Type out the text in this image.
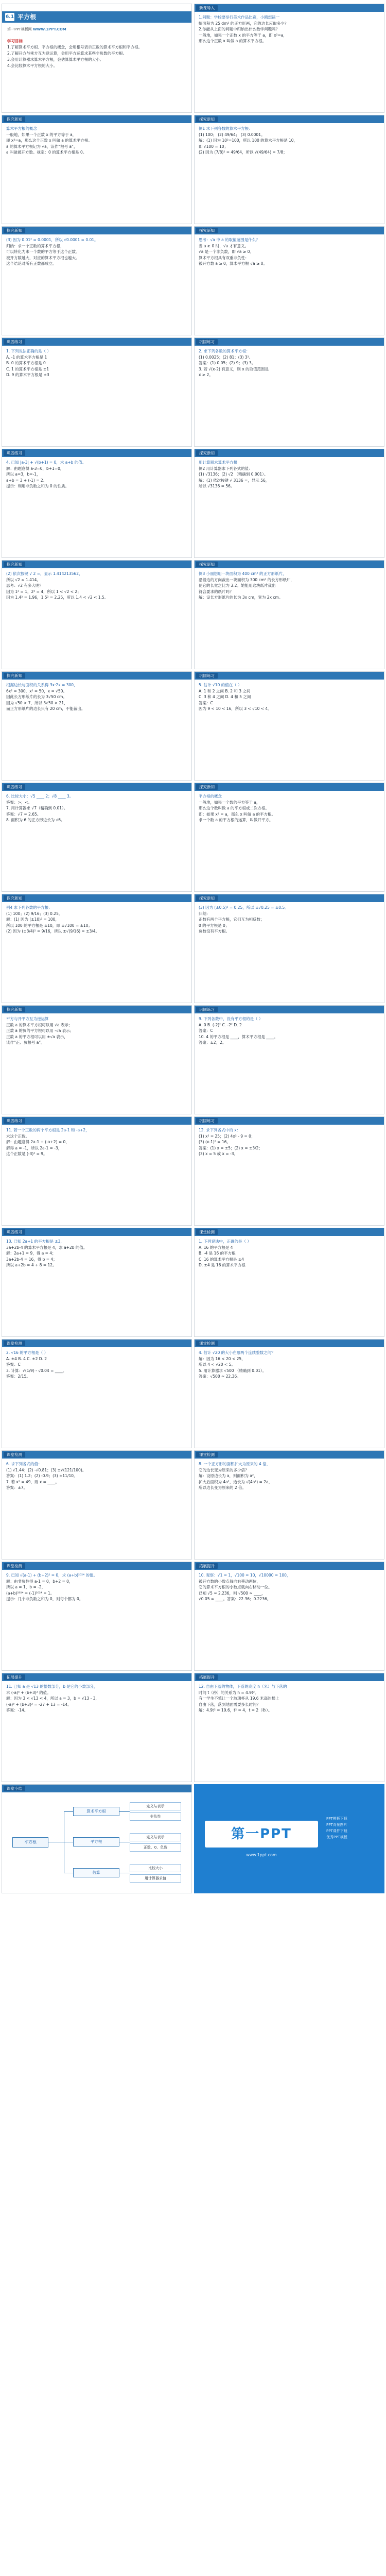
6.1 平方根
第一PPT模板网 WWW.1PPT.COM

学习目标

1.了解算术平方根、平方根的概念，会用根号表示正数的算术平方根和平方根。

2.了解开方与乘方互为逆运算，会用平方运算求某些非负数的平方根。

3.会用计算器求算术平方根，会估算算术平方根的大小。

4.会比较算术平方根的大小。

新课导入

1.问题：学校要举行美术作品比赛，小鸥想裱一

幅面积为 25 dm² 的正方形画，它的边长应取多少？

2.你能从上面的问题中归纳出什么数学问题吗？

一般地，如果一个正数 x 的平方等于 a，即 x²=a，

那么这个正数 x 叫做 a 的算术平方根。

探究新知

算术平方根的概念

一般地，如果一个正数 x 的平方等于 a，

即 x²=a，那么这个正数 x 叫做 a 的算术平方根。

a 的算术平方根记为 √a，读作“根号 a”，

a 叫做被开方数。规定：0 的算术平方根是 0。

探究新知

例1 求下列各数的算术平方根：

(1) 100； (2) 49/64； (3) 0.0001。

解：(1) 因为 10²=100，所以 100 的算术平方根是 10，

即 √100 = 10；

(2) 因为 (7/8)² = 49/64，所以 √(49/64) = 7/8；

探究新知

(3) 因为 0.01² = 0.0001，所以 √0.0001 = 0.01。

归纳：求一个正数的算术平方根，

可以转化为求一个数的平方等于这个正数。

被开方数越大，对应的算术平方根也越大。

这个结论对所有正数都成立。

探究新知

思考：√a 中 a 的取值范围是什么？

当 a ≥ 0 时，√a 才有意义。

√a 是一个非负数，即 √a ≥ 0。

算术平方根具有双重非负性：

被开方数 a ≥ 0，算术平方根 √a ≥ 0。

巩固练习

1. 下列说法正确的是（ ）

A. -1 的算术平方根是 1

B. 0 的算术平方根是 0

C. 1 的算术平方根是 ±1

D. 9 的算术平方根是 ±3

巩固练习

2. 求下列各数的算术平方根：

(1) 0.0025；(2) 81；(3) 3²。

答案：(1) 0.05；(2) 9；(3) 3。

3. 若 √(x-2) 有意义，则 x 的取值范围是

x ≥ 2。

巩固练习

4. 已知 |a-3| + √(b+1) = 0，求 a+b 的值。

解：由题意得 a-3=0，b+1=0，

所以 a=3，b=-1，

a+b = 3 + (-1) = 2。

提示：利用非负数之和为 0 的性质。

探究新知

用计算器求算术平方根

例2 用计算器求下列各式的值：

(1) √3136；(2) √2 （精确到 0.001）。

解：(1) 依次按键 √ 3136 =，显示 56，

所以 √3136 = 56。

探究新知

(2) 依次按键 √ 2 =，显示 1.414213562，

所以 √2 ≈ 1.414。

思考：√2 有多大呢？

因为 1² = 1，2² = 4，所以 1 < √2 < 2；

因为 1.4² = 1.96，1.5² = 2.25，所以 1.4 < √2 < 1.5。

探究新知

例3 小丽想用一块面积为 400 cm² 的正方形纸片，

沿着边的方向裁出一块面积为 300 cm² 的长方形纸片，

使它的长宽之比为 3:2。她能用这块纸片裁出

符合要求的纸片吗？

解：设长方形纸片的长为 3x cm，宽为 2x cm。

探究新知

根据边长与面积的关系得 3x·2x = 300，

6x² = 300，x² = 50，x = √50。

因此长方形纸片的长为 3√50 cm。

因为 √50 > 7，所以 3√50 > 21，

而正方形纸片的边长只有 20 cm，不能裁出。

巩固练习

5. 估计 √10 的值在（ ）

A. 1 和 2 之间 B. 2 和 3 之间

C. 3 和 4 之间 D. 4 和 5 之间

答案：C

因为 9 < 10 < 16，所以 3 < √10 < 4。

巩固练习

6. 比较大小：√5 ____ 2；√8 ____ 3。

答案：>；<。

7. 用计算器求 √7（精确到 0.01）。

答案：√7 ≈ 2.65。

8. 面积为 6 的正方形边长为 √6。

探究新知

平方根的概念

一般地，如果一个数的平方等于 a，

那么这个数叫做 a 的平方根或二次方根。

即：如果 x² = a，那么 x 叫做 a 的平方根。

求一个数 a 的平方根的运算，叫做开平方。

探究新知

例4 求下列各数的平方根：

(1) 100；(2) 9/16；(3) 0.25。

解：(1) 因为 (±10)² = 100，

所以 100 的平方根是 ±10，即 ±√100 = ±10；

(2) 因为 (±3/4)² = 9/16，所以 ±√(9/16) = ±3/4。

探究新知

(3) 因为 (±0.5)² = 0.25，所以 ±√0.25 = ±0.5。

归纳：

正数有两个平方根，它们互为相反数；

0 的平方根是 0；

负数没有平方根。

探究新知

平方与开平方互为逆运算

正数 a 的算术平方根可以用 √a 表示；

正数 a 的负的平方根可以用 -√a 表示；

正数 a 的平方根可以用 ±√a 表示，

读作“正、负根号 a”。

巩固练习

9. 下列各数中，没有平方根的是（ ）

A. 0 B. (-2)² C. -2² D. 2

答案：C

10. 4 的平方根是 ____，算术平方根是 ____。

答案：±2；2。

巩固练习

11. 若一个正数的两个平方根是 2a-1 和 -a+2，

求这个正数。

解：由题意得 2a-1 + (-a+2) = 0，

解得 a = -1，所以 2a-1 = -3，

这个正数是 (-3)² = 9。

巩固练习

12. 求下列各式中的 x：

(1) x² = 25；(2) 4x² - 9 = 0；

(3) (x-1)² = 16。

答案：(1) x = ±5；(2) x = ±3/2；

(3) x = 5 或 x = -3。

巩固练习

13. 已知 2a+1 的平方根是 ±3，

3a+2b-4 的算术平方根是 4，求 a+2b 的值。

解：2a+1 = 9，得 a = 4；

3a+2b-4 = 16，得 b = 4；

所以 a+2b = 4 + 8 = 12。

课堂检测

1. 下列说法中，正确的是（ ）

A. 16 的平方根是 4

B. -4 是 16 的平方根

C. 16 的算术平方根是 ±4

D. ±4 是 16 的算术平方根

课堂检测

2. √16 的平方根是（ ）

A. ±4 B. 4 C. ±2 D. 2

答案：C

3. 计算：√(1/9) - √0.04 = ____。

答案：2/15。

课堂检测

4. 估计 √20 的大小在哪两个连续整数之间？

解：因为 16 < 20 < 25，

所以 4 < √20 < 5。

5. 用计算器求 √500 （精确到 0.01）。

答案：√500 ≈ 22.36。

课堂检测

6. 求下列各式的值：

(1) √1.44；(2) -√0.81；(3) ±√(121/100)。

答案：(1) 1.2；(2) -0.9；(3) ±11/10。

7. 若 x² = 49，则 x = ____。

答案：±7。

课堂检测

8. 一个正方形的面积扩大为原来的 4 倍，

它的边长变为原来的多少倍？

解：设原边长为 a，则面积为 a²，

扩大后面积为 4a²，边长为 √(4a²) = 2a，

所以边长变为原来的 2 倍。

课堂检测

9. 已知 √(a-1) + (b+2)² = 0，求 (a+b)²⁰²⁴ 的值。

解：由非负性得 a-1 = 0，b+2 = 0，

所以 a = 1，b = -2，

(a+b)²⁰²⁴ = (-1)²⁰²⁴ = 1。

提示：几个非负数之和为 0，则每个都为 0。

拓展提升

10. 观察：√1 = 1，√100 = 10，√10000 = 100，

被开方数的小数点每向右移动两位，

它的算术平方根的小数点就向右移动一位。

已知 √5 ≈ 2.236，则 √500 ≈ ____，

√0.05 ≈ ____。答案：22.36；0.2236。

拓展提升

11. 已知 a 是 √13 的整数部分，b 是它的小数部分，

求 (-a)³ + (b+3)² 的值。

解：因为 3 < √13 < 4，所以 a = 3，b = √13 - 3，

(-a)³ + (b+3)² = -27 + 13 = -14。

答案：-14。

拓展提升

12. 自由下落的物体，下落的高度 h（米）与下落的

时间 t（秒）的关系为 h = 4.9t²。

有一学生不慎让一个玻璃杯从 19.6 米高的楼上

自由下落，落到地面需要多长时间？

解：4.9t² = 19.6，t² = 4，t = 2（秒）。

课堂小结
平方根
算术平方根
平方根
估算
定义与表示
非负性
定义与表示
正数、0、负数
比较大小
用计算器求值
第一PPT
www.1ppt.com

PPT模板下载

PPT背景图片

PPT课件下载

优秀PPT模板
